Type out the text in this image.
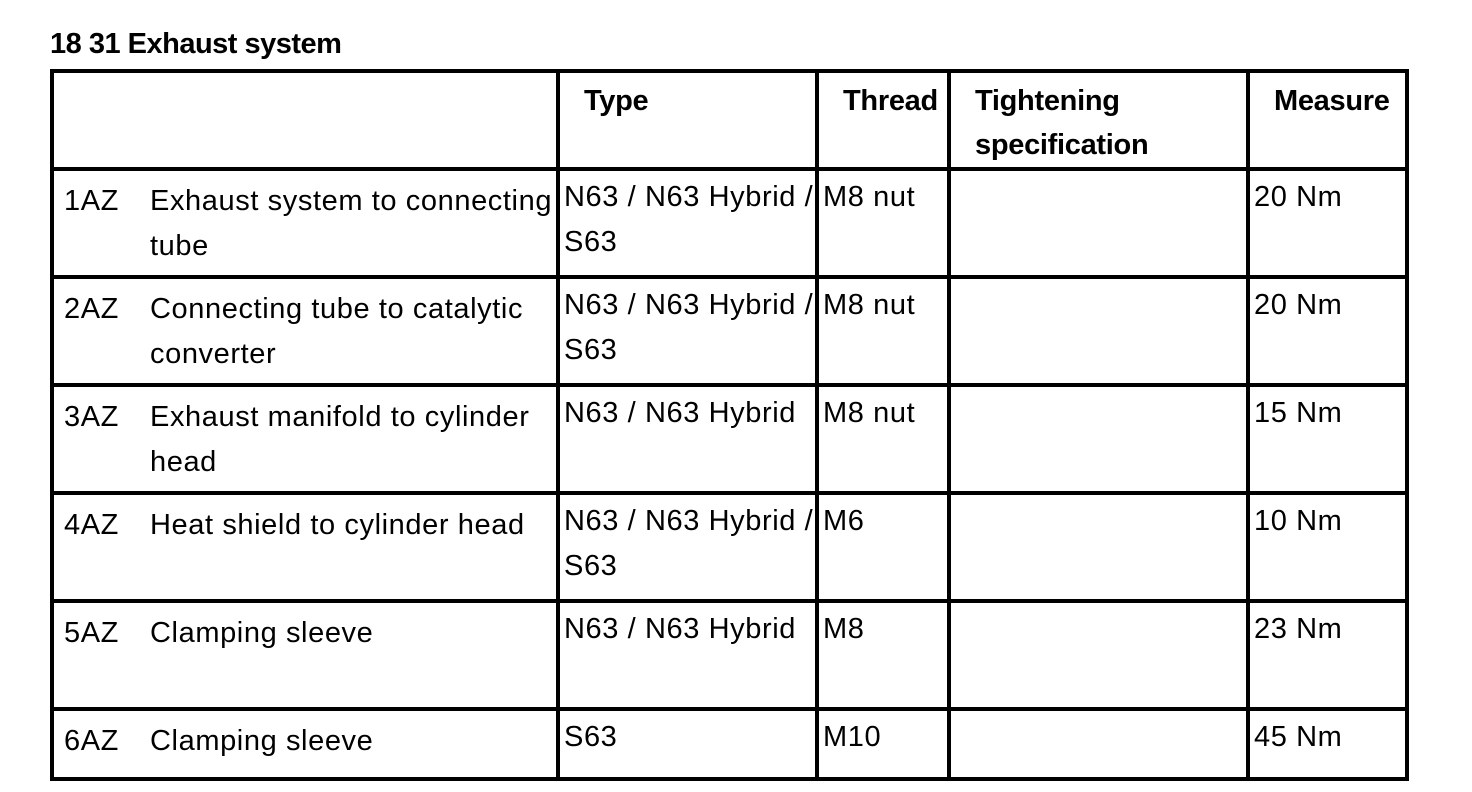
18 31 Exhaust system
		Type	Thread	Tightening specification	Measure
1AZ	Exhaust system to connecting tube	N63 / N63 Hybrid / S63	M8 nut		20 Nm
2AZ	Connecting tube to catalytic converter	N63 / N63 Hybrid / S63	M8 nut		20 Nm
3AZ	Exhaust manifold to cylinder head	N63 / N63 Hybrid	M8 nut		15 Nm
4AZ	Heat shield to cylinder head	N63 / N63 Hybrid / S63	M6		10 Nm
5AZ	Clamping sleeve	N63 / N63 Hybrid	M8		23 Nm
6AZ	Clamping sleeve	S63	M10		45 Nm
